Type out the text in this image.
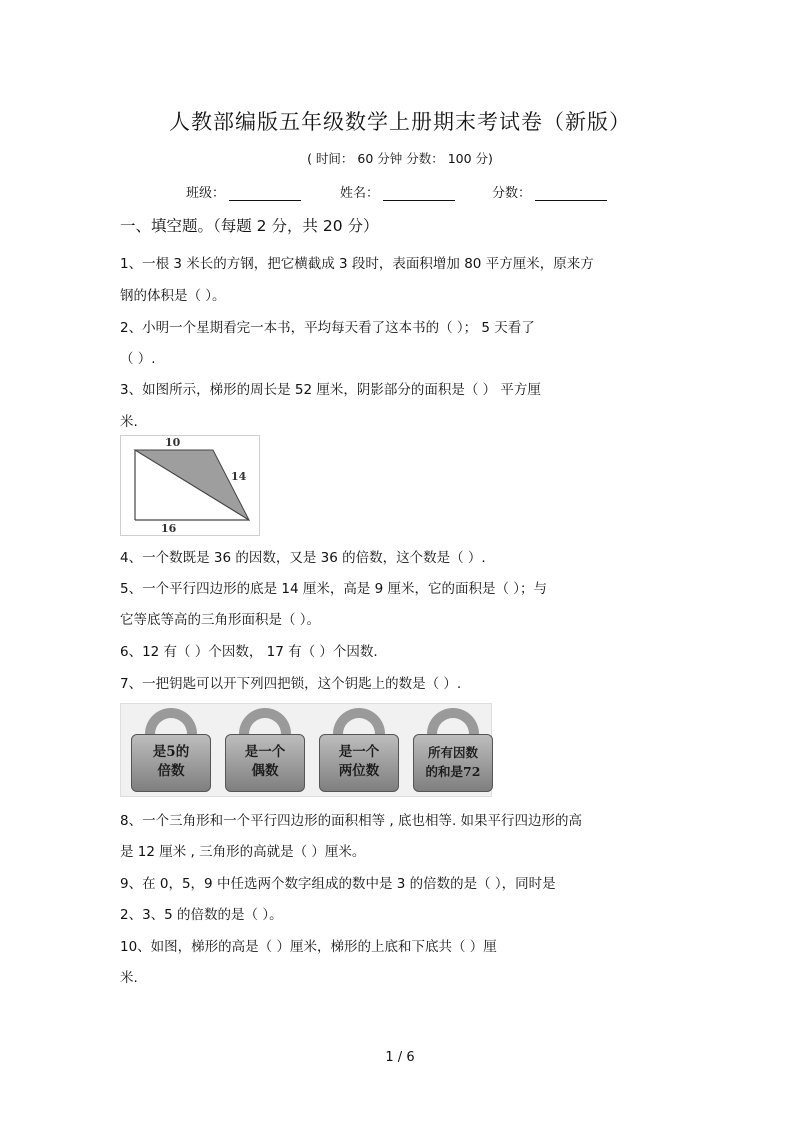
人教部编版五年级数学上册期末考试卷（新版）
( 时间： 60 分钟 分数： 100 分)
班级：	姓名：	分数：
一、填空题。（每题 2 分，共 20 分）
1、一根 3 米长的方钢，把它横截成 3 段时，表面积增加 80 平方厘米，原来方
钢的体积是（ ）。
2、小明一个星期看完一本书，平均每天看了这本书的（ ）； 5 天看了
（ ）.
3、如图所示，梯形的周长是 52 厘米，阴影部分的面积是（ ） 平方厘
米.
10
14
16
4、一个数既是 36 的因数，又是 36 的倍数，这个数是（ ）.
5、一个平行四边形的底是 14 厘米，高是 9 厘米，它的面积是（ ）；与
它等底等高的三角形面积是（ ）。
6、12 有（ ）个因数， 17 有（ ）个因数.
7、一把钥匙可以开下列四把锁，这个钥匙上的数是（ ）.
是5的
倍数
是一个
偶数
是一个
两位数
所有因数
的和是72
8、一个三角形和一个平行四边形的面积相等 , 底也相等. 如果平行四边形的高
是 12 厘米 , 三角形的高就是（ ）厘米。
9、在 0，5，9 中任选两个数字组成的数中是 3 的倍数的是（ ），同时是
2、3、5 的倍数的是（ ）。
10、如图，梯形的高是（ ）厘米，梯形的上底和下底共（ ）厘
米.
1 / 6
